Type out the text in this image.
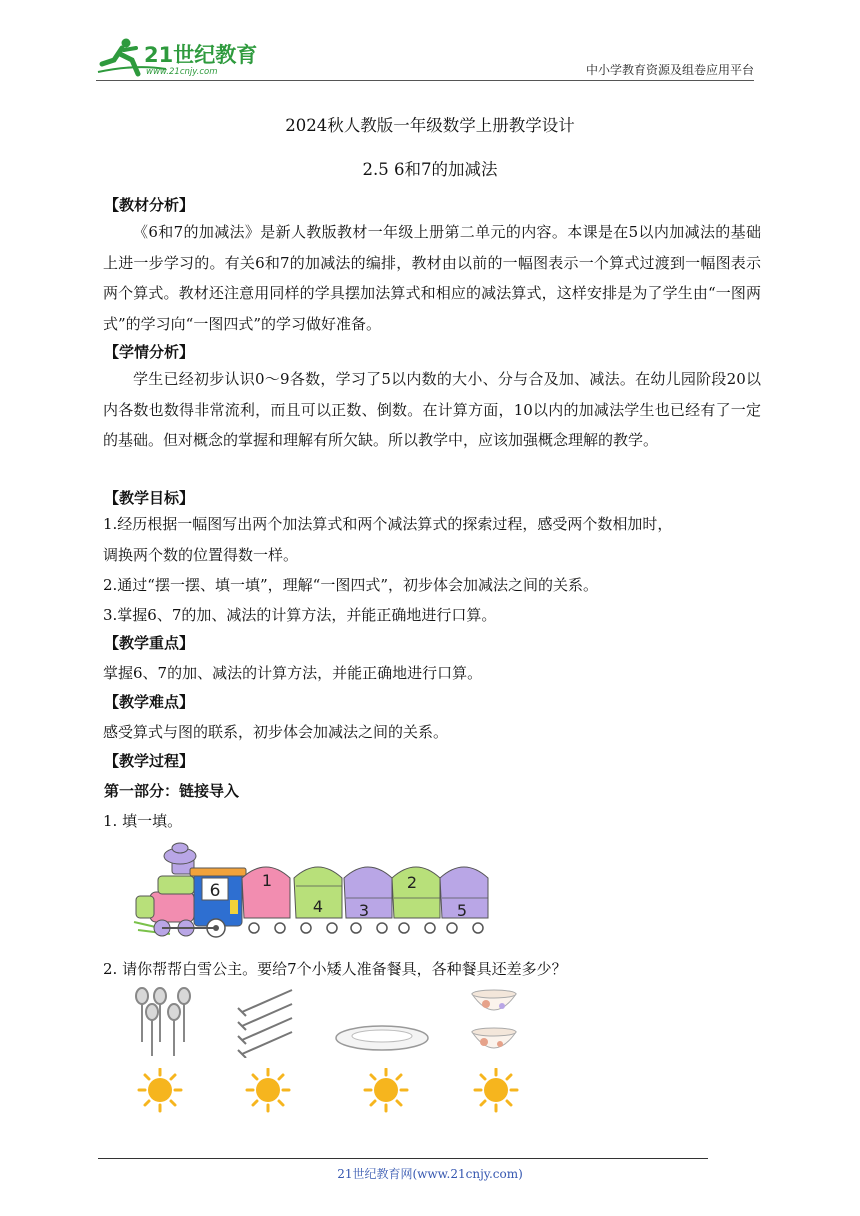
21世纪教育
www.21cnjy.com	中小学教育资源及组卷应用平台
2024秋人教版一年级数学上册教学设计
2.5 6和7的加减法
【教材分析】
《6和7的加减法》是新人教版教材一年级上册第二单元的内容。本课是在5以内加减法的基础上进一步学习的。有关6和7的加减法的编排，教材由以前的一幅图表示一个算式过渡到一幅图表示两个算式。教材还注意用同样的学具摆加法算式和相应的减法算式，这样安排是为了学生由“一图两式”的学习向“一图四式”的学习做好准备。
【学情分析】
学生已经初步认识0～9各数，学习了5以内数的大小、分与合及加、减法。在幼儿园阶段20以内各数也数得非常流利，而且可以正数、倒数。在计算方面，10以内的加减法学生也已经有了一定的基础。但对概念的掌握和理解有所欠缺。所以教学中，应该加强概念理解的教学。
【教学目标】
1.经历根据一幅图写出两个加法算式和两个减法算式的探索过程，感受两个数相加时，
调换两个数的位置得数一样。
2.通过“摆一摆、填一填”，理解“一图四式”，初步体会加减法之间的关系。
3.掌握6、7的加、减法的计算方法，并能正确地进行口算。
【教学重点】
掌握6、7的加、减法的计算方法，并能正确地进行口算。
【教学难点】
感受算式与图的联系，初步体会加减法之间的关系。
【教学过程】
第一部分：链接导入
1. 填一填。
6
1
4 3
2
5
2. 请你帮帮白雪公主。要给7个小矮人准备餐具，各种餐具还差多少？
21世纪教育网(www.21cnjy.com)
